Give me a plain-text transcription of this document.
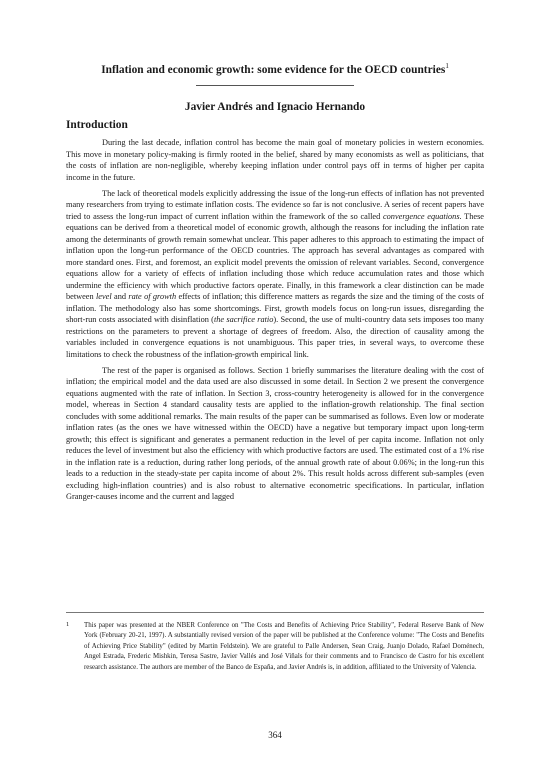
Inflation and economic growth: some evidence for the OECD countries$^1$
Javier Andrés and Ignacio Hernando
Introduction

During the last decade, inflation control has become the main goal of monetary policies in western economies. This move in monetary policy-making is firmly rooted in the belief, shared by many economists as well as politicians, that the costs of inflation are non-negligible, whereby keeping inflation under control pays off in terms of higher per capita income in the future.

The lack of theoretical models explicitly addressing the issue of the long-run effects of inflation has not prevented many researchers from trying to estimate inflation costs. The evidence so far is not conclusive. A series of recent papers have tried to assess the long-run impact of current inflation within the framework of the so called convergence equations. These equations can be derived from a theoretical model of economic growth, although the reasons for including the inflation rate among the determinants of growth remain somewhat unclear. This paper adheres to this approach to estimating the impact of inflation upon the long-run performance of the OECD countries. The approach has several advantages as compared with more standard ones. First, and foremost, an explicit model prevents the omission of relevant variables. Second, convergence equations allow for a variety of effects of inflation including those which reduce accumulation rates and those which undermine the efficiency with which productive factors operate. Finally, in this framework a clear distinction can be made between level and rate of growth effects of inflation; this difference matters as regards the size and the timing of the costs of inflation. The methodology also has some shortcomings. First, growth models focus on long-run issues, disregarding the short-run costs associated with disinflation (the sacrifice ratio). Second, the use of multi-country data sets imposes too many restrictions on the parameters to prevent a shortage of degrees of freedom. Also, the direction of causality among the variables included in convergence equations is not unambiguous. This paper tries, in several ways, to overcome these limitations to check the robustness of the inflation-growth empirical link.

The rest of the paper is organised as follows. Section 1 briefly summarises the literature dealing with the cost of inflation; the empirical model and the data used are also discussed in some detail. In Section 2 we present the convergence equations augmented with the rate of inflation. In Section 3, cross-country heterogeneity is allowed for in the convergence model, whereas in Section 4 standard causality tests are applied to the inflation-growth relationship. The final section concludes with some additional remarks. The main results of the paper can be summarised as follows. Even low or moderate inflation rates (as the ones we have witnessed within the OECD) have a negative but temporary impact upon long-term growth; this effect is significant and generates a permanent reduction in the level of per capita income. Inflation not only reduces the level of investment but also the efficiency with which productive factors are used. The estimated cost of a 1% rise in the inflation rate is a reduction, during rather long periods, of the annual growth rate of about 0.06%; in the long-run this leads to a reduction in the steady-state per capita income of about 2%. This result holds across different sub-samples (even excluding high-inflation countries) and is also robust to alternative econometric specifications. In particular, inflation Granger-causes income and the current and lagged

1 This paper was presented at the NBER Conference on "The Costs and Benefits of Achieving Price Stability", Federal Reserve Bank of New York (February 20-21, 1997). A substantially revised version of the paper will be published at the Conference volume: "The Costs and Benefits of Achieving Price Stability" (edited by Martin Feldstein). We are grateful to Palle Andersen, Sean Craig, Juanjo Dolado, Rafael Doménech, Angel Estrada, Frederic Mishkin, Teresa Sastre, Javier Vallés and José Viñals for their comments and to Francisco de Castro for his excellent research assistance. The authors are member of the Banco de España, and Javier Andrés is, in addition, affiliated to the University of Valencia.
364
